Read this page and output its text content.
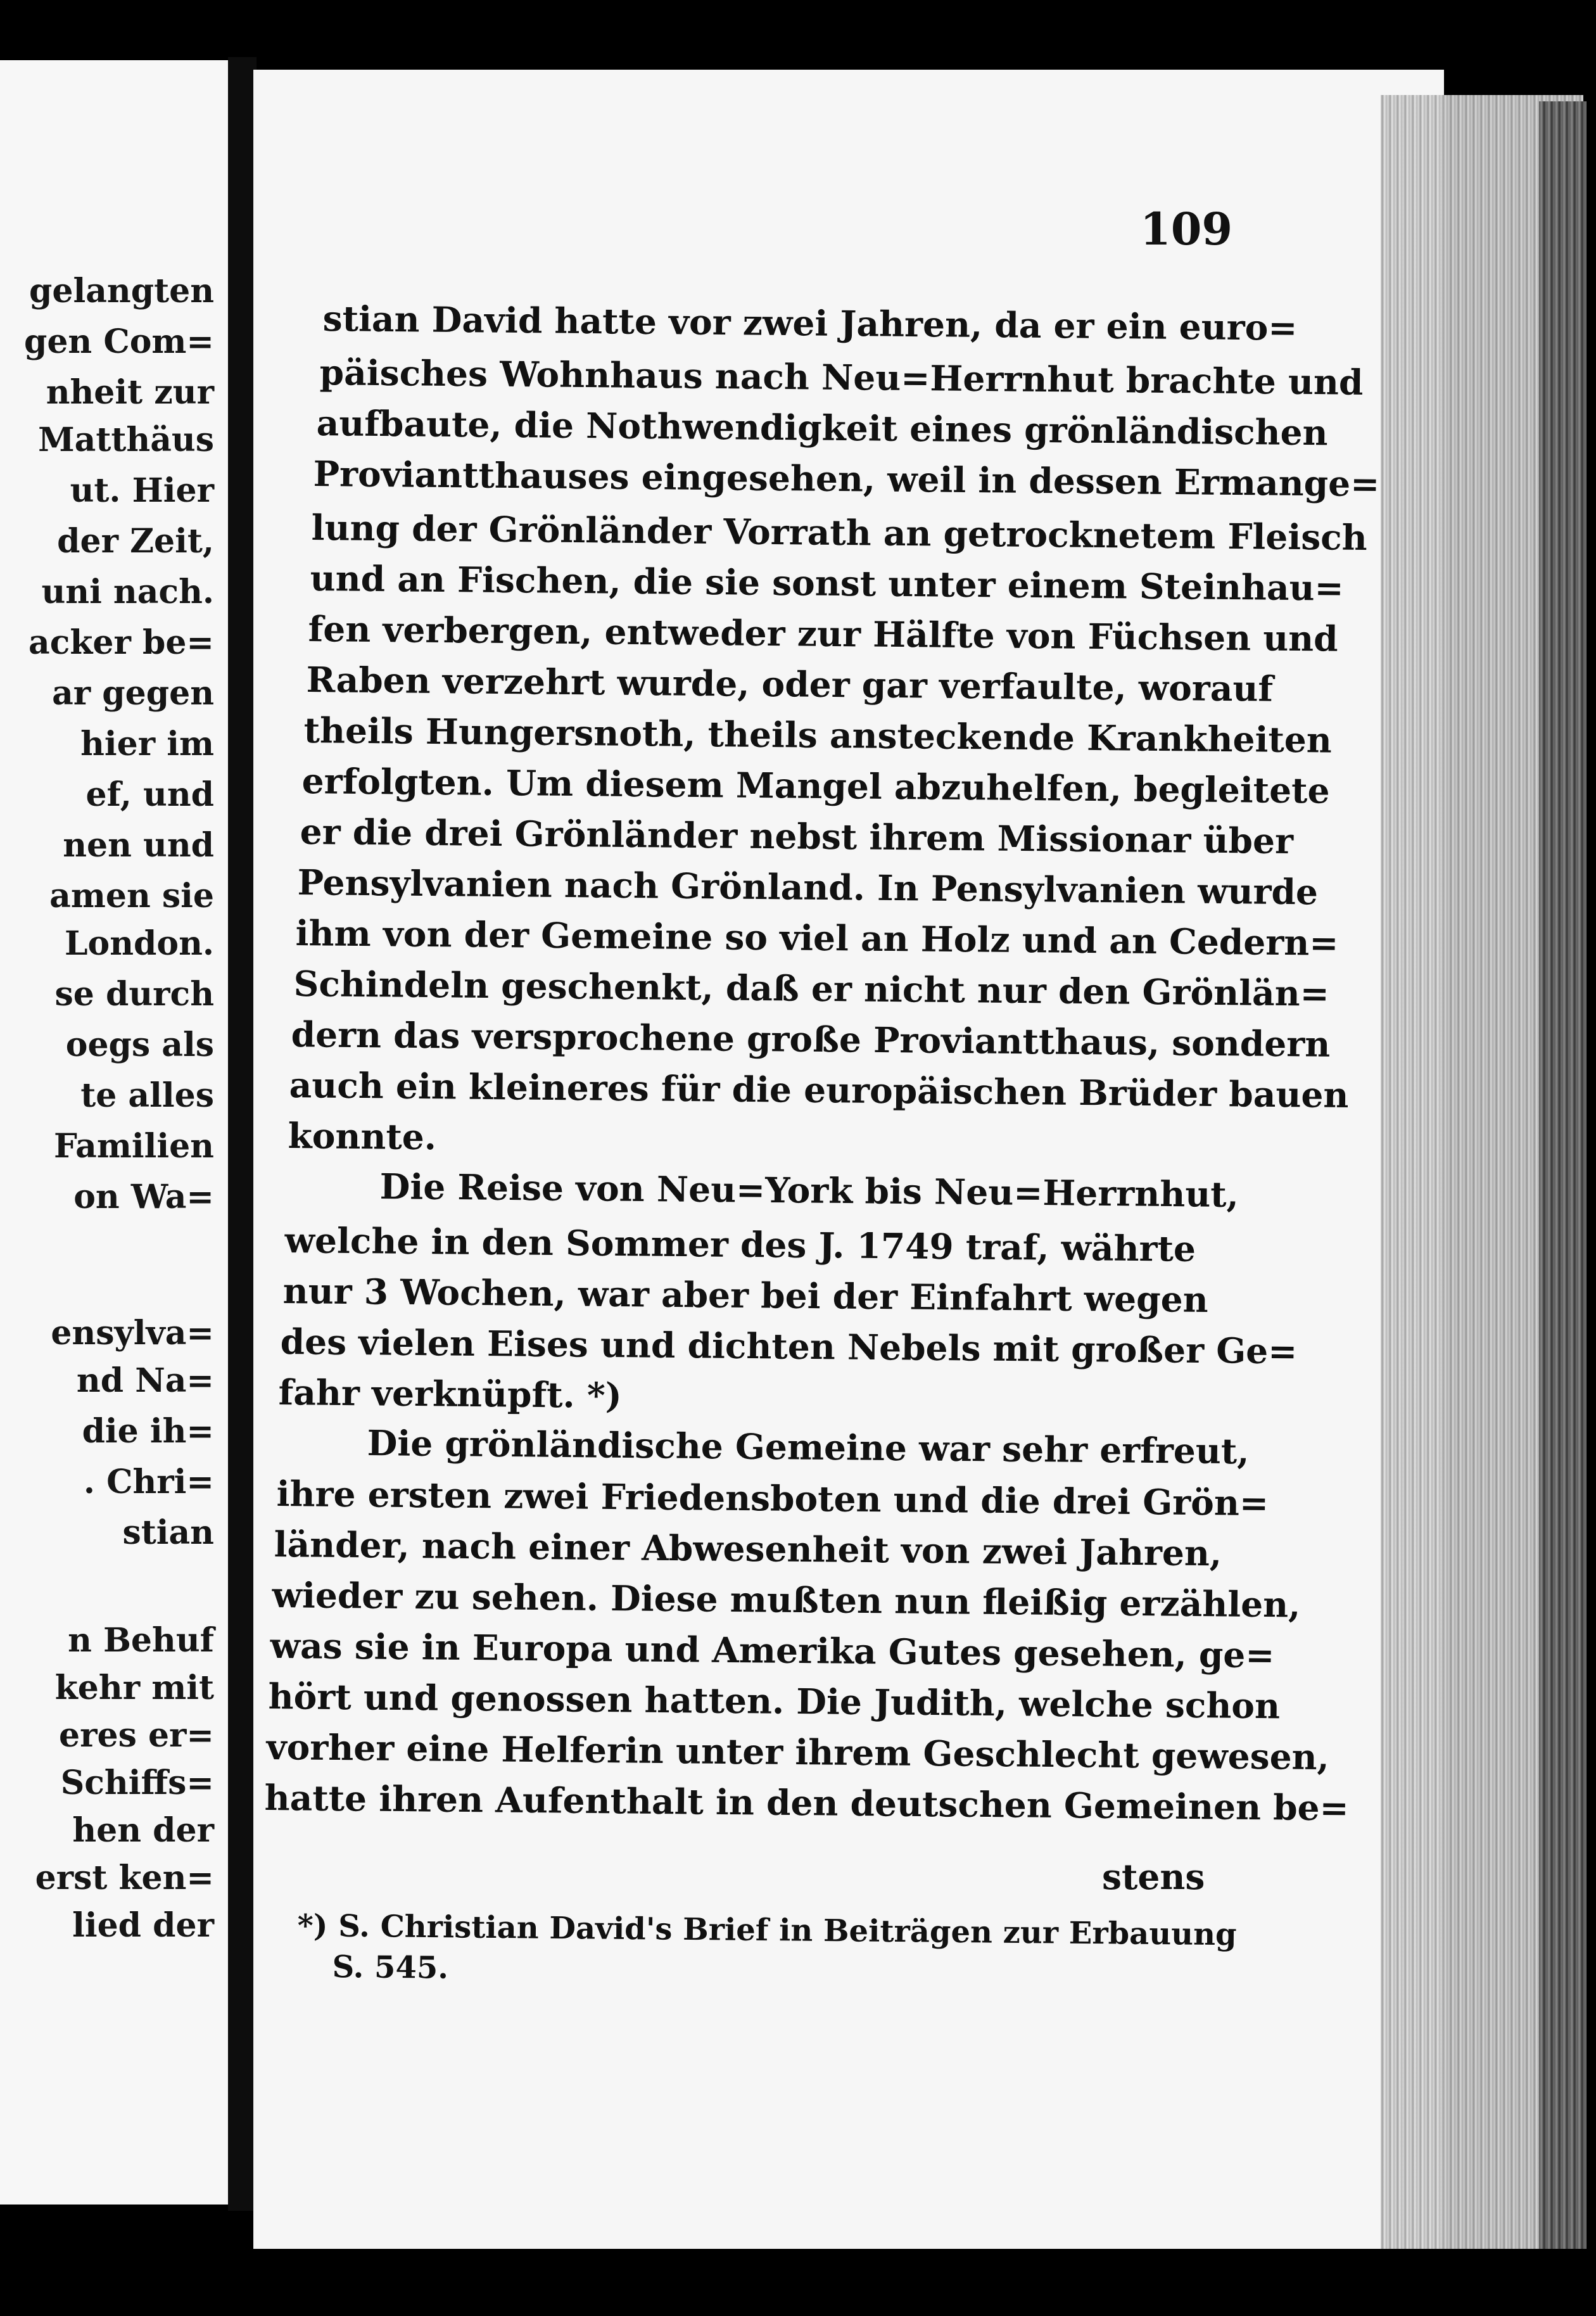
gelangten
gen Com=
nheit zur
Matthäus
ut. Hier
der Zeit,
uni nach.
acker be=
ar gegen
hier im
ef, und
nen und
amen sie
London.
se durch
oegs als
te alles
Familien
on Wa=
ensylva=
nd Na=
die ih=
. Chri=
stian
n Behuf
kehr mit
eres er=
Schiffs=
hen der
erst ken=
lied der
109
stian David hatte vor zwei Jahren, da er ein euro=
päisches Wohnhaus nach Neu=Herrnhut brachte und
aufbaute, die Nothwendigkeit eines grönländischen
Proviantthauses eingesehen, weil in dessen Ermange=
lung der Grönländer Vorrath an getrocknetem Fleisch
und an Fischen, die sie sonst unter einem Steinhau=
fen verbergen, entweder zur Hälfte von Füchsen und
Raben verzehrt wurde, oder gar verfaulte, worauf
theils Hungersnoth, theils ansteckende Krankheiten
erfolgten. Um diesem Mangel abzuhelfen, begleitete
er die drei Grönländer nebst ihrem Missionar über
Pensylvanien nach Grönland. In Pensylvanien wurde
ihm von der Gemeine so viel an Holz und an Cedern=
Schindeln geschenkt, daß er nicht nur den Grönlän=
dern das versprochene große Proviantthaus, sondern
auch ein kleineres für die europäischen Brüder bauen
konnte.
Die Reise von Neu=York bis Neu=Herrnhut,
welche in den Sommer des J. 1749 traf, währte
nur 3 Wochen, war aber bei der Einfahrt wegen
des vielen Eises und dichten Nebels mit großer Ge=
fahr verknüpft. *)
Die grönländische Gemeine war sehr erfreut,
ihre ersten zwei Friedensboten und die drei Grön=
länder, nach einer Abwesenheit von zwei Jahren,
wieder zu sehen. Diese mußten nun fleißig erzählen,
was sie in Europa und Amerika Gutes gesehen, ge=
hört und genossen hatten. Die Judith, welche schon
vorher eine Helferin unter ihrem Geschlecht gewesen,
hatte ihren Aufenthalt in den deutschen Gemeinen be=
stens
*) S. Christian David's Brief in Beiträgen zur Erbauung
S. 545.
